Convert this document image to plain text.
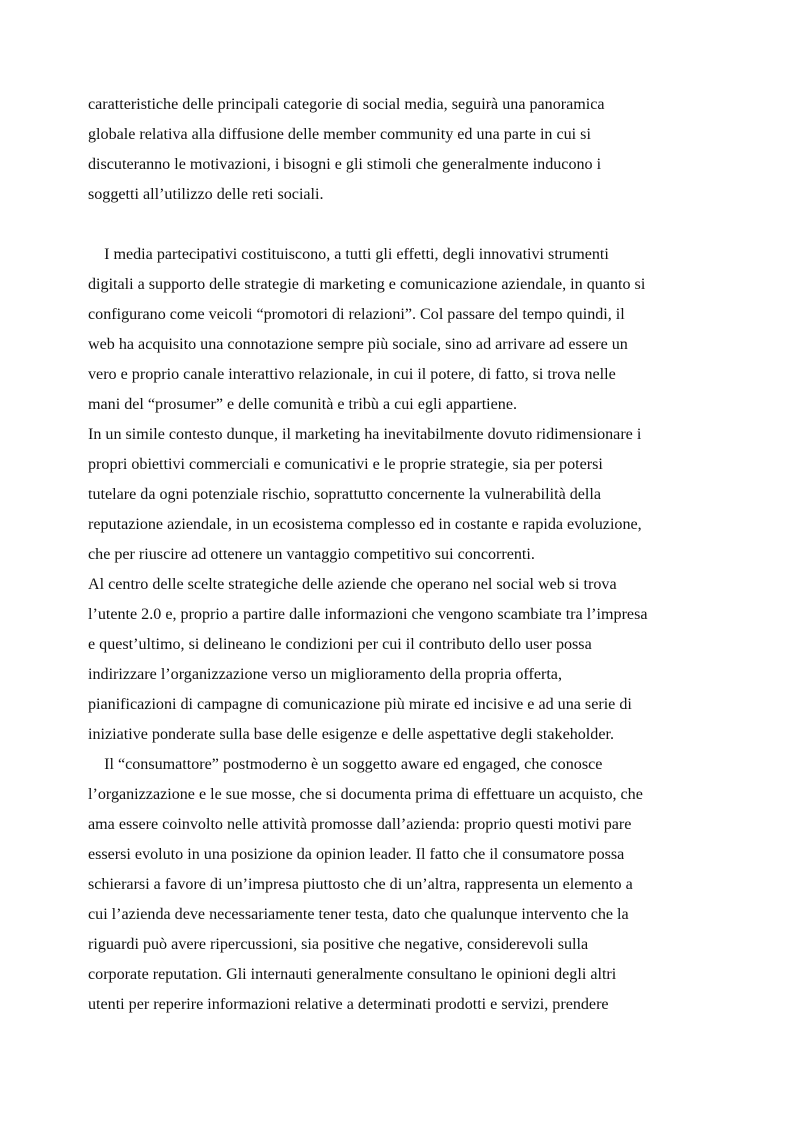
caratteristiche delle principali categorie di social media, seguirà una panoramica
globale relativa alla diffusione delle member community ed una parte in cui si
discuteranno le motivazioni, i bisogni e gli stimoli che generalmente inducono i
soggetti all’utilizzo delle reti sociali.
I media partecipativi costituiscono, a tutti gli effetti, degli innovativi strumenti
digitali a supporto delle strategie di marketing e comunicazione aziendale, in quanto si
configurano come veicoli “promotori di relazioni”. Col passare del tempo quindi, il
web ha acquisito una connotazione sempre più sociale, sino ad arrivare ad essere un
vero e proprio canale interattivo relazionale, in cui il potere, di fatto, si trova nelle
mani del “prosumer” e delle comunità e tribù a cui egli appartiene.
In un simile contesto dunque, il marketing ha inevitabilmente dovuto ridimensionare i
propri obiettivi commerciali e comunicativi e le proprie strategie, sia per potersi
tutelare da ogni potenziale rischio, soprattutto concernente la vulnerabilità della
reputazione aziendale, in un ecosistema complesso ed in costante e rapida evoluzione,
che per riuscire ad ottenere un vantaggio competitivo sui concorrenti.
Al centro delle scelte strategiche delle aziende che operano nel social web si trova
l’utente 2.0 e, proprio a partire dalle informazioni che vengono scambiate tra l’impresa
e quest’ultimo, si delineano le condizioni per cui il contributo dello user possa
indirizzare l’organizzazione verso un miglioramento della propria offerta,
pianificazioni di campagne di comunicazione più mirate ed incisive e ad una serie di
iniziative ponderate sulla base delle esigenze e delle aspettative degli stakeholder.
Il “consumattore” postmoderno è un soggetto aware ed engaged, che conosce
l’organizzazione e le sue mosse, che si documenta prima di effettuare un acquisto, che
ama essere coinvolto nelle attività promosse dall’azienda: proprio questi motivi pare
essersi evoluto in una posizione da opinion leader. Il fatto che il consumatore possa
schierarsi a favore di un’impresa piuttosto che di un’altra, rappresenta un elemento a
cui l’azienda deve necessariamente tener testa, dato che qualunque intervento che la
riguardi può avere ripercussioni, sia positive che negative, considerevoli sulla
corporate reputation. Gli internauti generalmente consultano le opinioni degli altri
utenti per reperire informazioni relative a determinati prodotti e servizi, prendere
